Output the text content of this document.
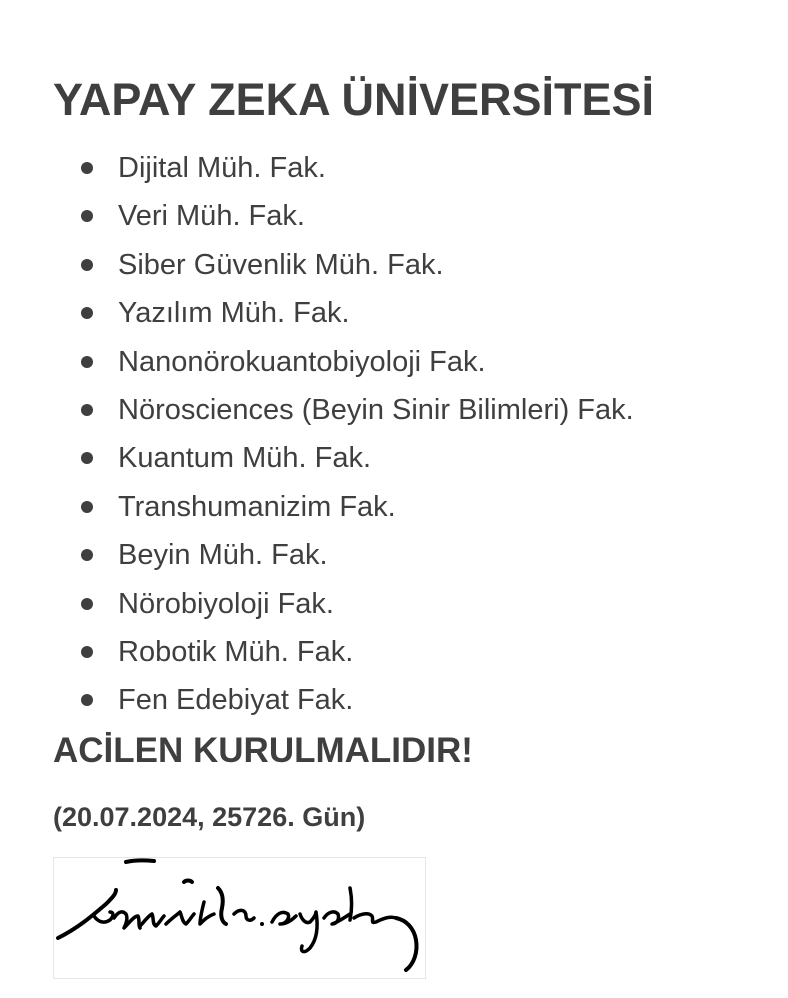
YAPAY ZEKA ÜNİVERSİTESİ
Dijital Müh. Fak.
Veri Müh. Fak.
Siber Güvenlik Müh. Fak.
Yazılım Müh. Fak.
Nanonörokuantobiyoloji Fak.
Nörosciences (Beyin Sinir Bilimleri) Fak.
Kuantum Müh. Fak.
Transhumanizim Fak.
Beyin Müh. Fak.
Nörobiyoloji Fak.
Robotik Müh. Fak.
Fen Edebiyat Fak.
ACİLEN KURULMALIDIR!

(20.07.2024, 25726. Gün)
